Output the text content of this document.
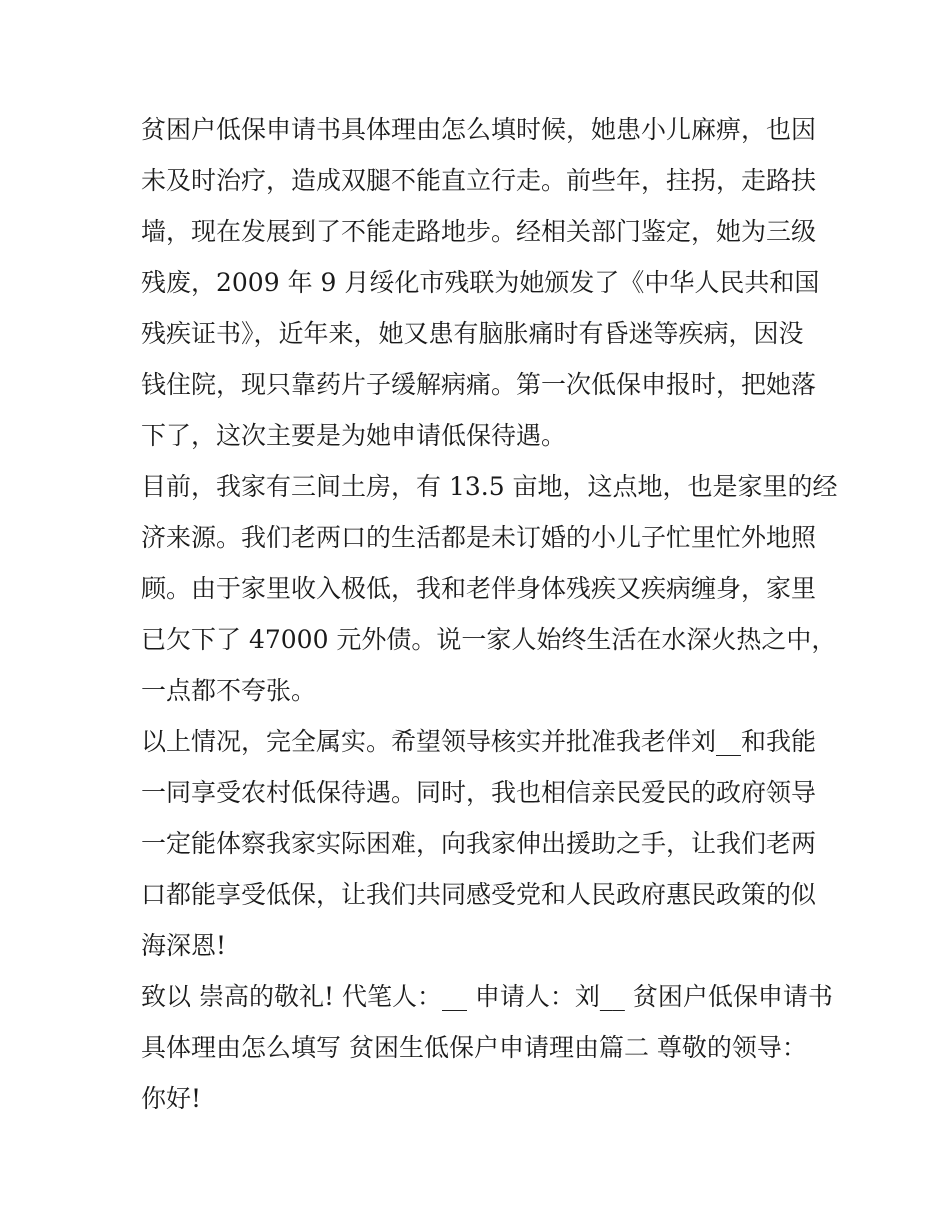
贫困户低保申请书具体理由怎么填时候，她患小儿麻痹，也因
未及时治疗，造成双腿不能直立行走。前些年，拄拐，走路扶
墙，现在发展到了不能走路地步。经相关部门鉴定，她为三级
残废，2009 年 9 月绥化市残联为她颁发了《中华人民共和国
残疾证书》，近年来，她又患有脑胀痛时有昏迷等疾病，因没
钱住院，现只靠药片子缓解病痛。第一次低保申报时，把她落
下了，这次主要是为她申请低保待遇。

目前，我家有三间土房，有 13.5 亩地，这点地，也是家里的经
济来源。我们老两口的生活都是未订婚的小儿子忙里忙外地照
顾。由于家里收入极低，我和老伴身体残疾又疾病缠身，家里
已欠下了 47000 元外债。说一家人始终生活在水深火热之中，
一点都不夸张。

以上情况，完全属实。希望领导核实并批准我老伴刘__和我能
一同享受农村低保待遇。同时，我也相信亲民爱民的政府领导
一定能体察我家实际困难，向我家伸出援助之手，让我们老两
口都能享受低保，让我们共同感受党和人民政府惠民政策的似
海深恩!

致以 崇高的敬礼! 代笔人：__ 申请人：刘__ 贫困户低保申请书
具体理由怎么填写 贫困生低保户申请理由篇二 尊敬的领导：
你好!
